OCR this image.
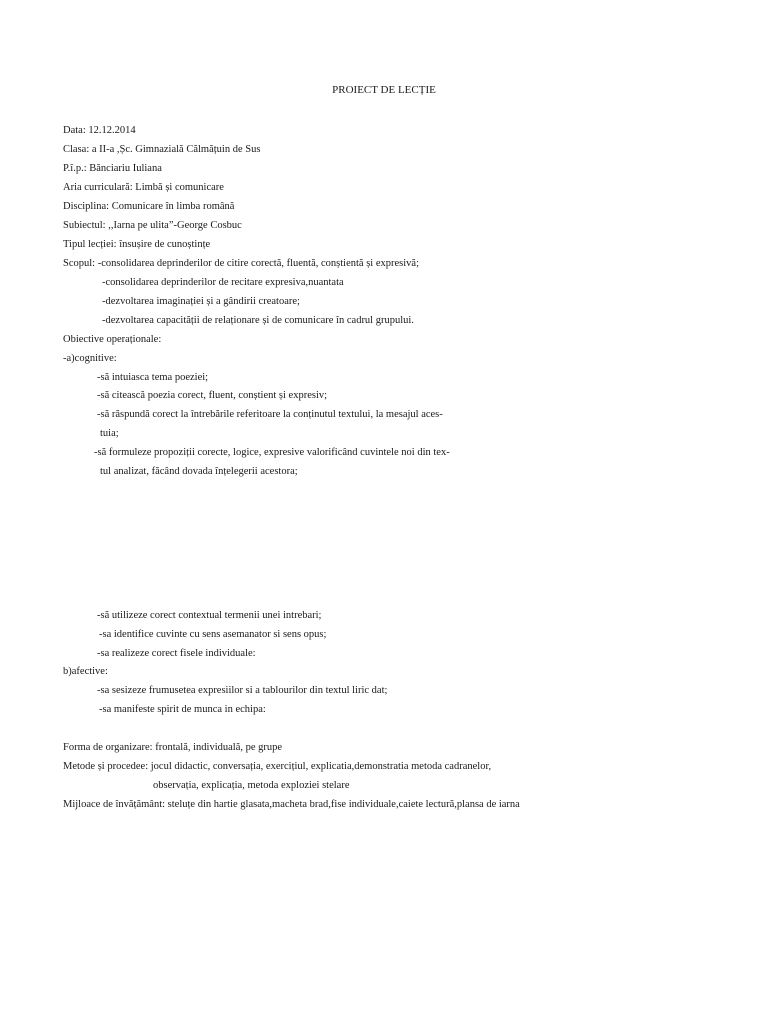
PROIECT DE LECȚIE
Data: 12.12.2014
Clasa: a II-a ,Șc. Gimnazială Călmățuin de Sus
P.î.p.: Bănciariu Iuliana
Aria curriculară: Limbă și comunicare
Disciplina: Comunicare în limba română
Subiectul: ,,Iarna pe ulita”-George Cosbuc
Tipul lecției: însușire de cunoștințe
Scopul: -consolidarea deprinderilor de citire corectă, fluentă, conștientă și expresivă;
-consolidarea deprinderilor de recitare expresiva,nuantata
-dezvoltarea imaginației și a gândirii creatoare;
-dezvoltarea capacității de relaționare și de comunicare în cadrul grupului.
Obiective operaționale:
-a)cognitive:
-să intuiasca tema poeziei;
-să citească poezia corect, fluent, conștient și expresiv;
-să răspundă corect la întrebările referitoare la conținutul textului, la mesajul aces-
tuia;
-să formuleze propoziții corecte, logice, expresive valorificând cuvintele noi din tex-
tul analizat, făcând dovada înțelegerii acestora;
-să utilizeze corect contextual termenii unei intrebari;
-sa identifice cuvinte cu sens asemanator si sens opus;
-sa realizeze corect fisele individuale:
b)afective:
-sa sesizeze frumusetea expresiilor si a tablourilor din textul liric dat;
-sa manifeste spirit de munca in echipa:
Forma de organizare: frontală, individuală, pe grupe
Metode și procedee: jocul didactic, conversația, exercițiul, explicatia,demonstratia metoda cadranelor,
observația, explicația, metoda exploziei stelare
Mijloace de învățământ: steluțe din hartie glasata,macheta brad,fise individuale,caiete lectură,plansa de iarna
